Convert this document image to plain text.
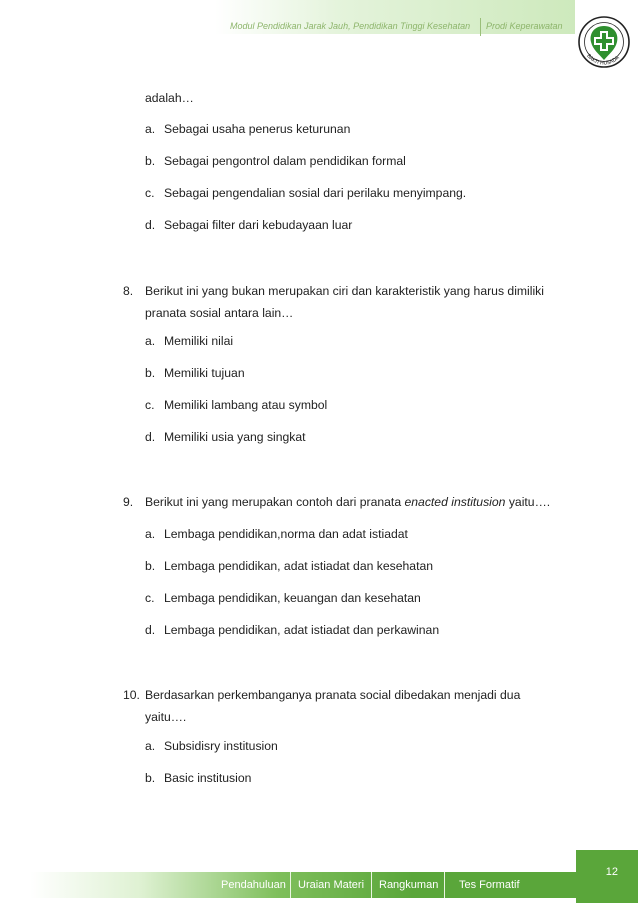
Modul Pendidikan Jarak Jauh, Pendidikan Tinggi Kesehatan Prodi Keperawatan
BAKTI HUSADA
adalah…
a. Sebagai usaha penerus keturunan
b. Sebagai pengontrol dalam pendidikan formal
c. Sebagai pengendalian sosial dari perilaku menyimpang.
d. Sebagai filter dari kebudayaan luar
8. Berikut ini yang bukan merupakan ciri dan karakteristik yang harus dimiliki
pranata sosial antara lain…
a. Memiliki nilai
b. Memiliki tujuan
c. Memiliki lambang atau symbol
d. Memiliki usia yang singkat
9. Berikut ini yang merupakan contoh dari pranata enacted institusion yaitu….
a. Lembaga pendidikan,norma dan adat istiadat
b. Lembaga pendidikan, adat istiadat dan kesehatan
c. Lembaga pendidikan, keuangan dan kesehatan
d. Lembaga pendidikan, adat istiadat dan perkawinan
10. Berdasarkan perkembanganya pranata social dibedakan menjadi dua
yaitu….
a. Subsidisry institusion
b. Basic institusion
12
Pendahuluan	Uraian Materi	Rangkuman	Tes Formatif
